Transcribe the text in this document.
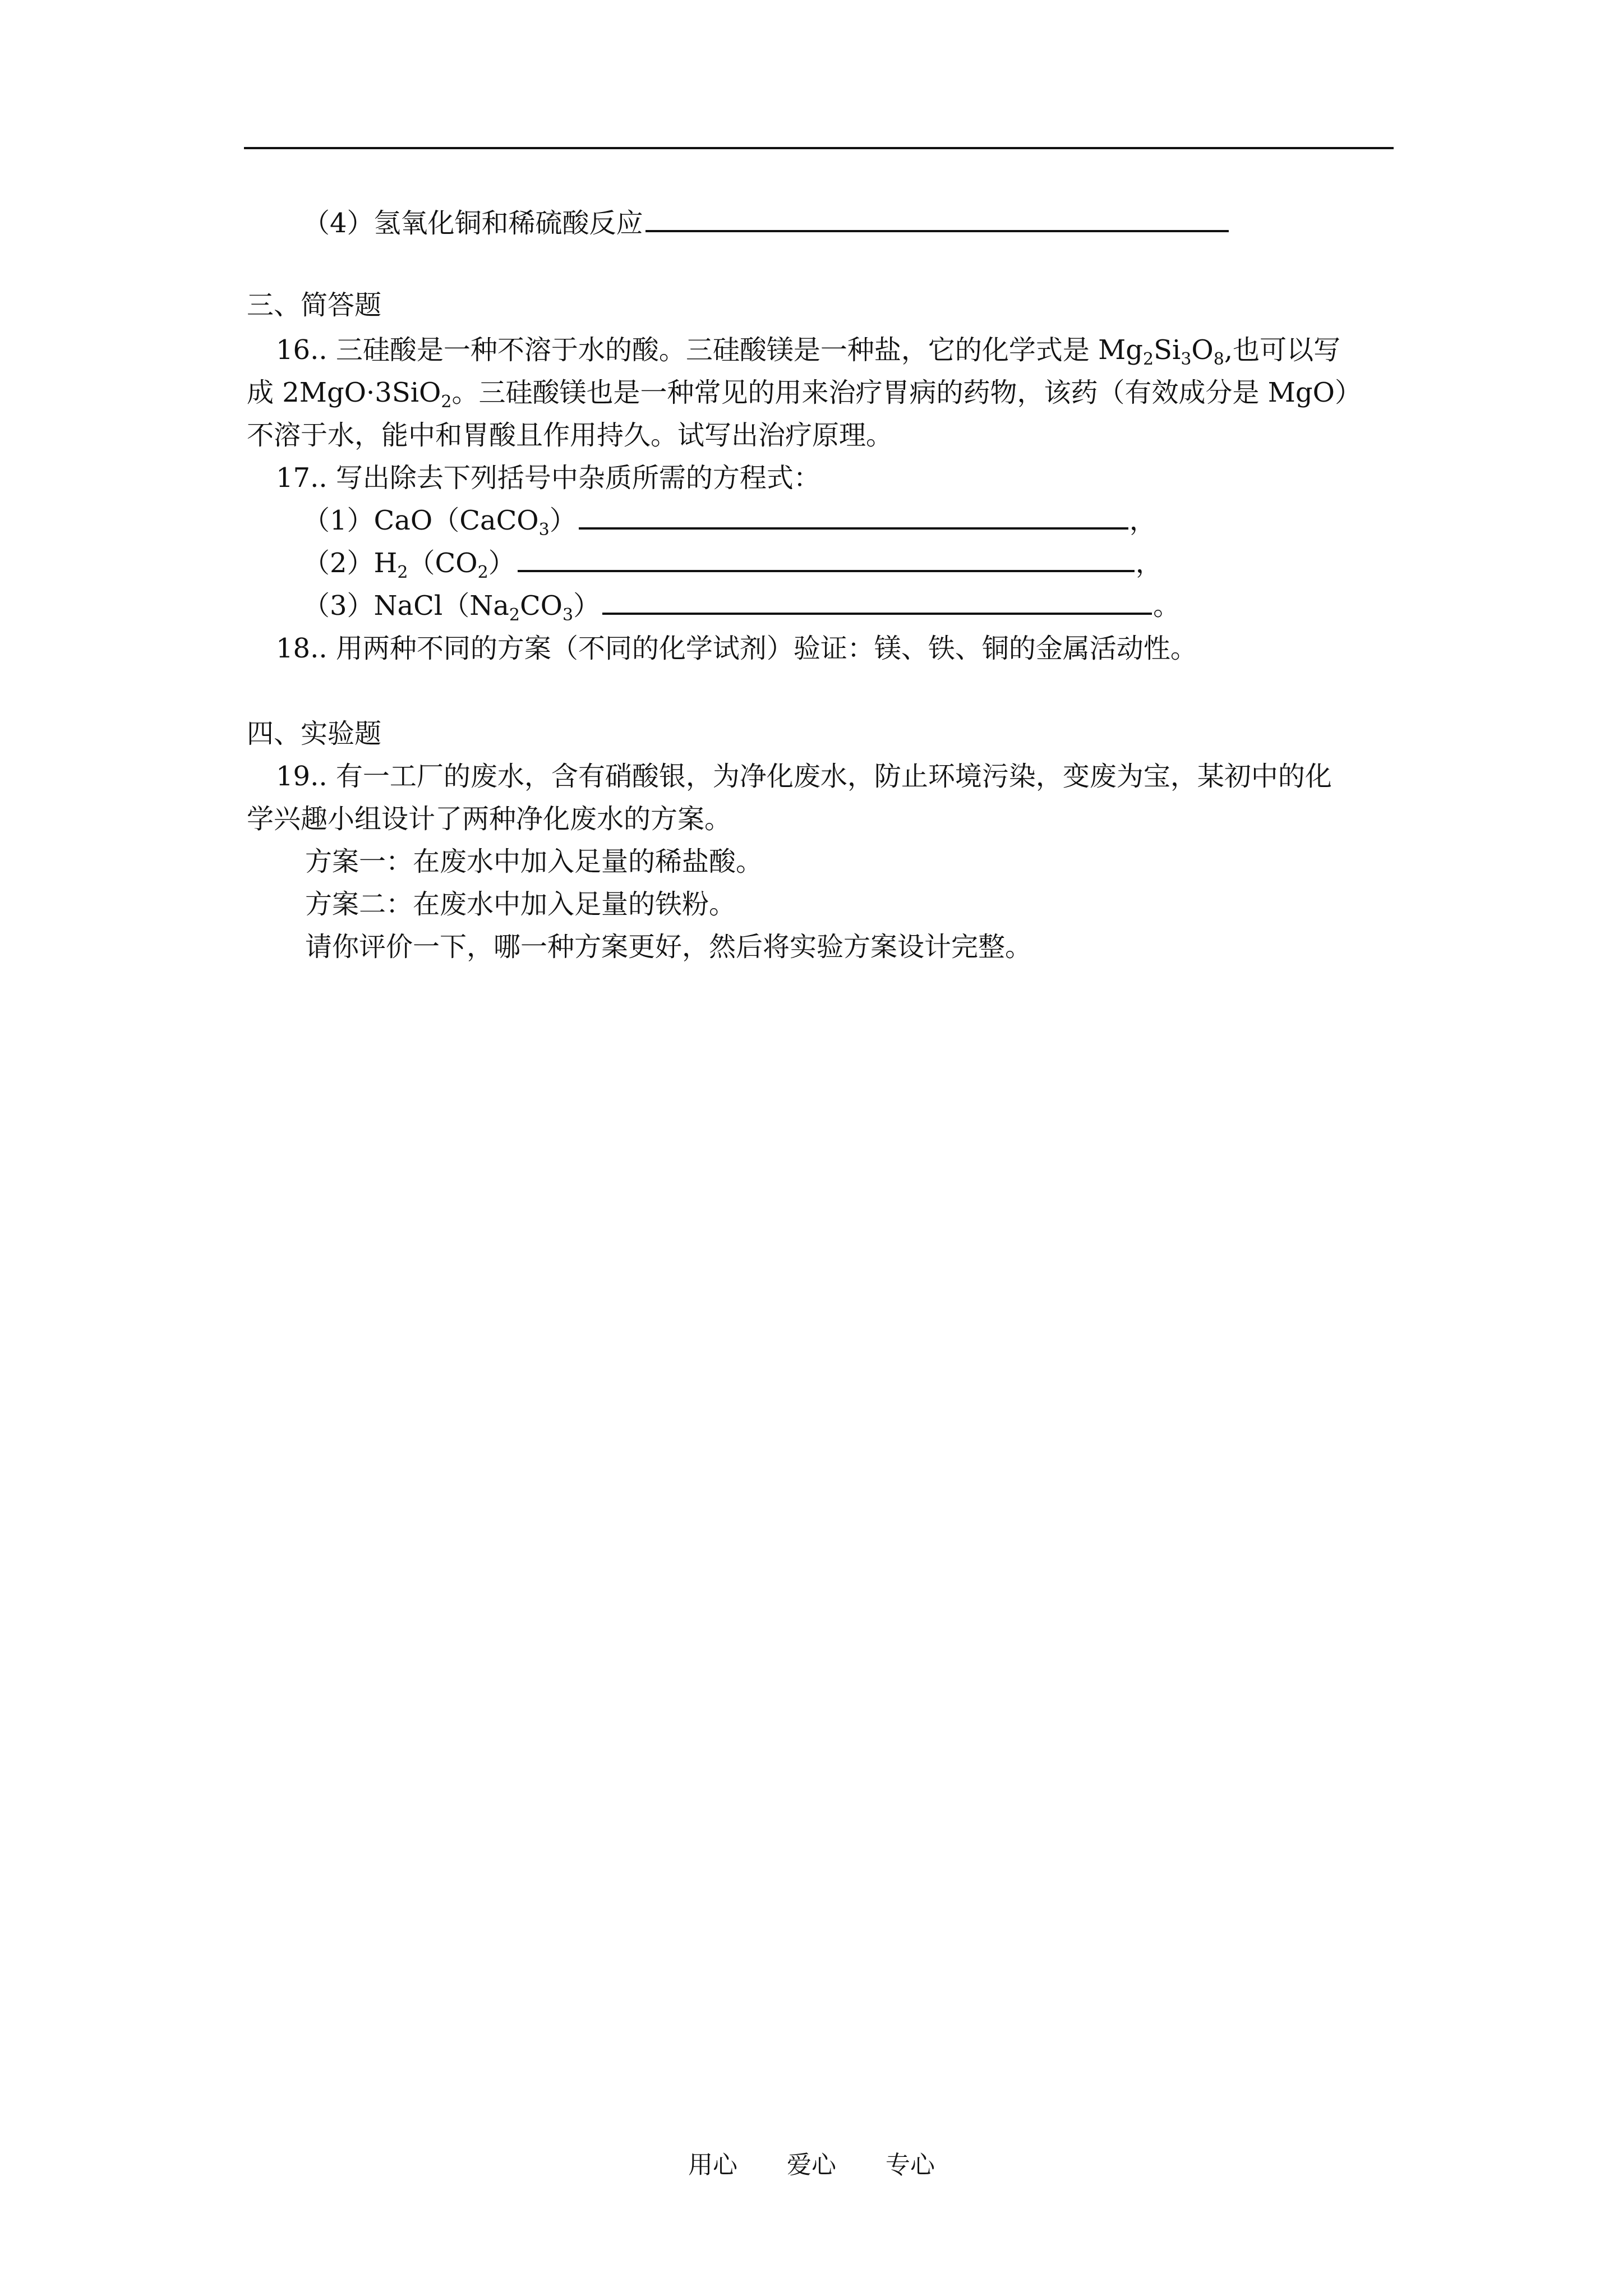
（4）氢氧化铜和稀硫酸反应
三、简答题
16.. 三硅酸是一种不溶于水的酸。三硅酸镁是一种盐，它的化学式是 $Mg_2Si_3O_8$,也可以写
成 2MgO·3SiO$_2$。三硅酸镁也是一种常见的用来治疗胃病的药物，该药（有效成分是 MgO）
不溶于水，能中和胃酸且作用持久。试写出治疗原理。
17.. 写出除去下列括号中杂质所需的方程式：
（1）CaO（CaCO$_3$）	，
$(2)H_2(CO_2)$	，
$(3)NaCl(Na_2CO_3)$	。
18.. 用两种不同的方案（不同的化学试剂）验证：镁、铁、铜的金属活动性。
四、实验题
19.. 有一工厂的废水，含有硝酸银，为净化废水，防止环境污染，变废为宝，某初中的化
学兴趣小组设计了两种净化废水的方案。
方案一：在废水中加入足量的稀盐酸。
方案二：在废水中加入足量的铁粉。
请你评价一下，哪一种方案更好，然后将实验方案设计完整。
用心 爱心 专心
